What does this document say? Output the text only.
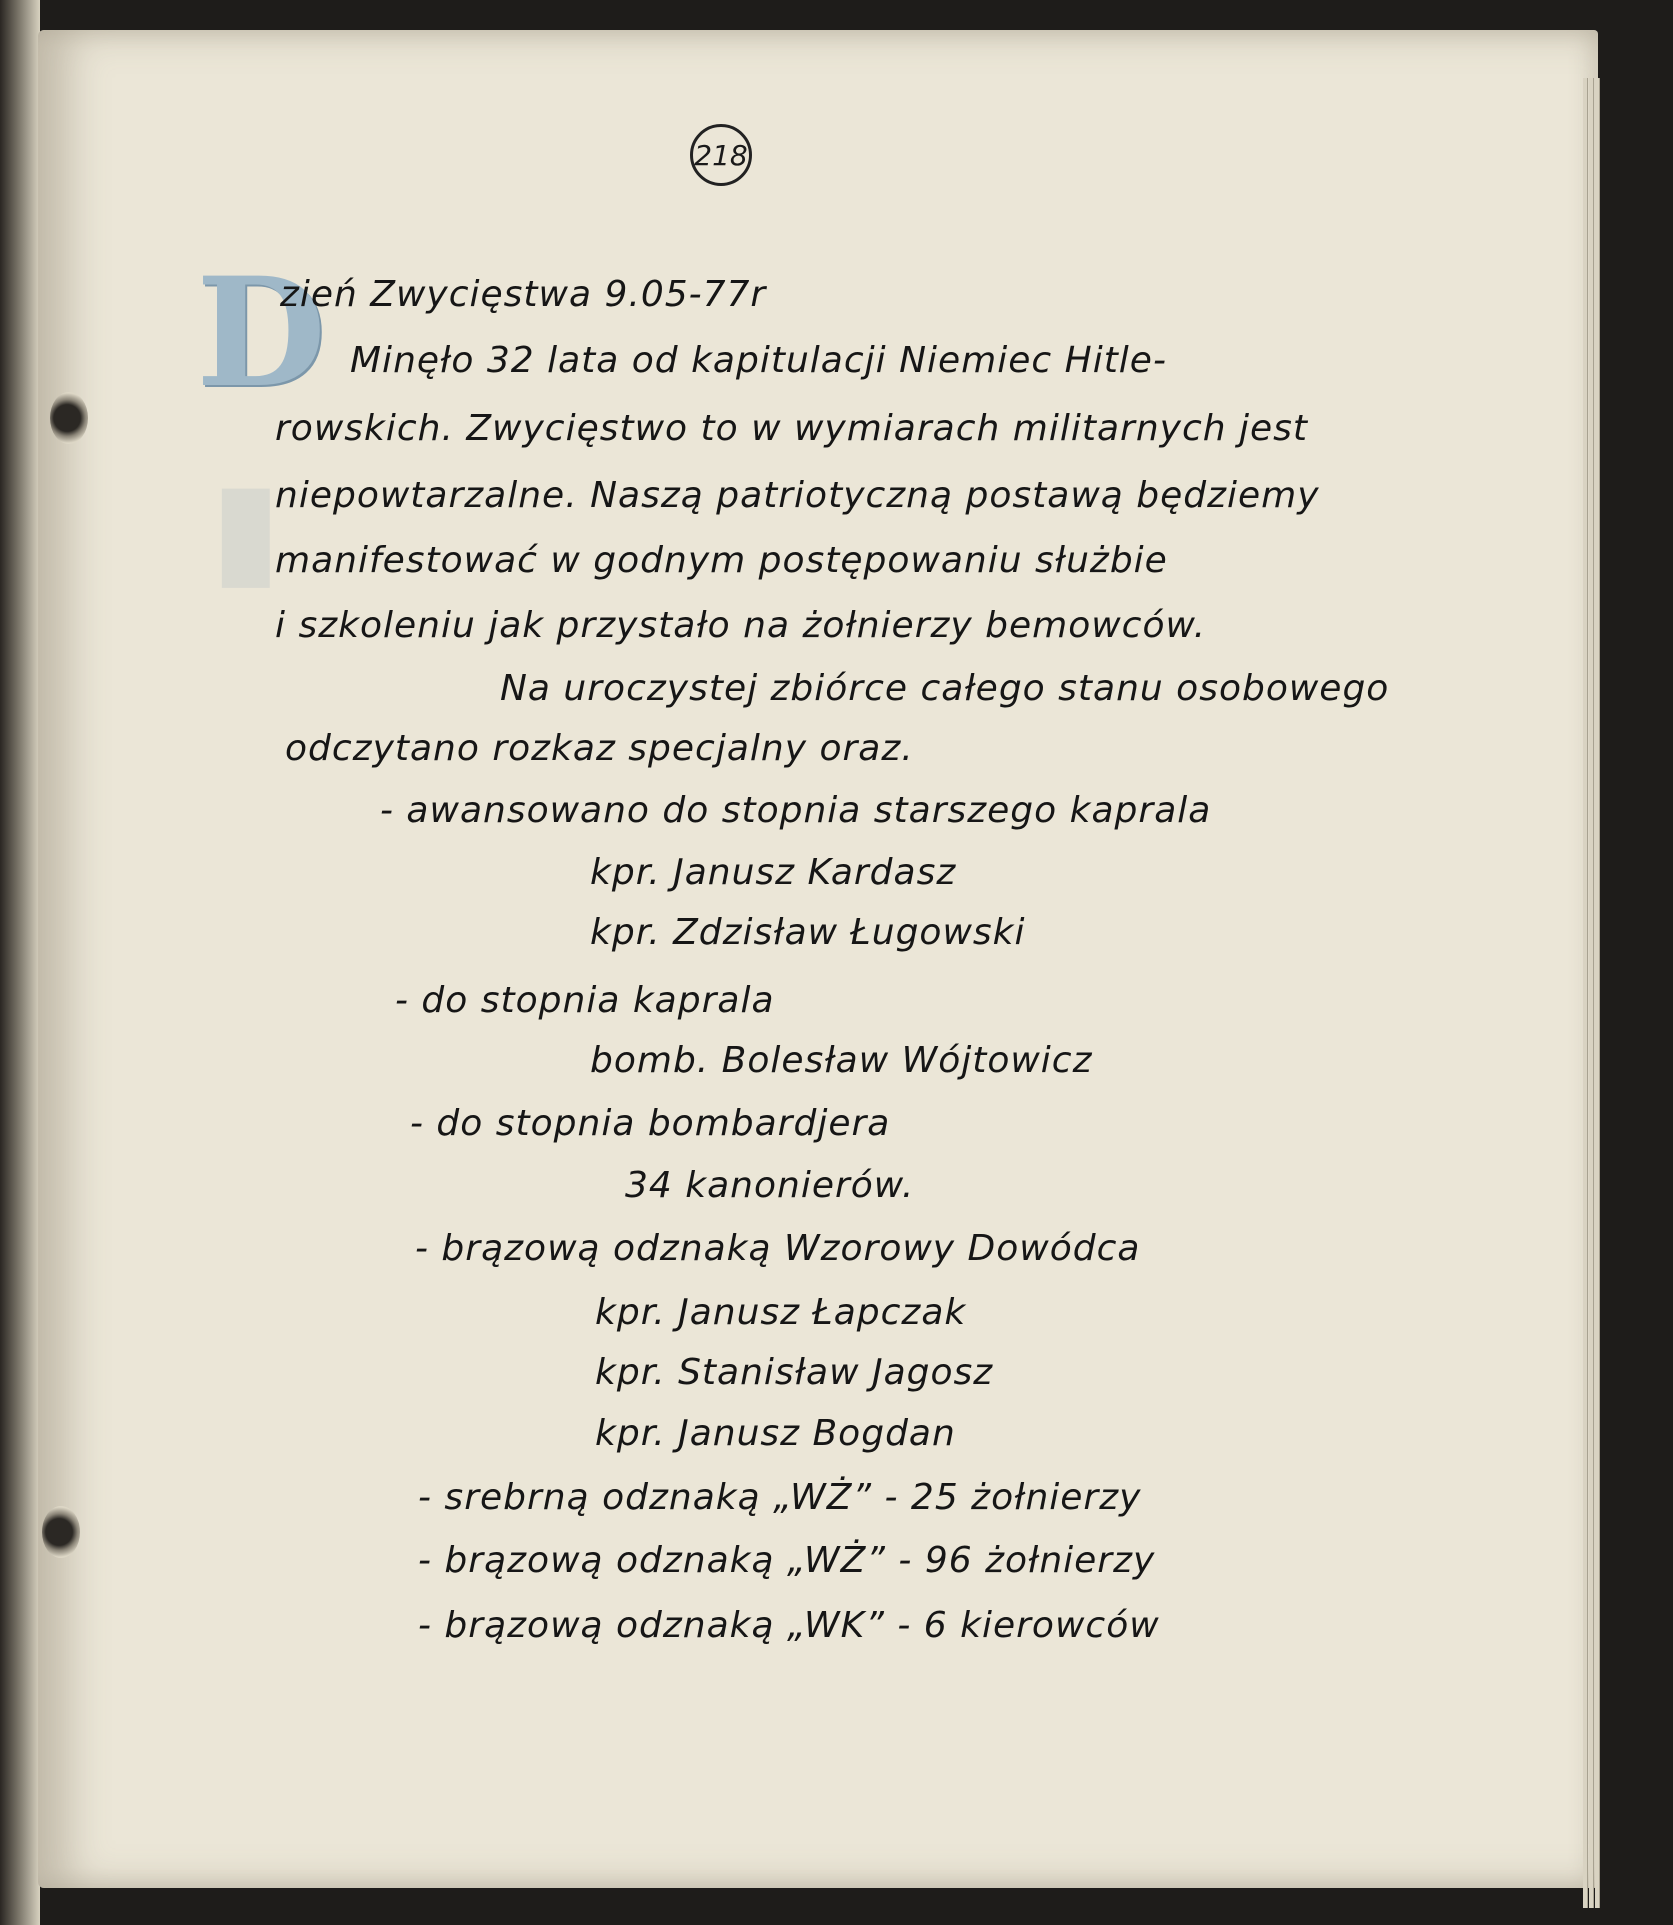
218
▮
D
zień Zwycięstwa 9.05-77r
Minęło 32 lata od kapitulacji Niemiec Hitle-
rowskich. Zwycięstwo to w wymiarach militarnych jest
niepowtarzalne. Naszą patriotyczną postawą będziemy
manifestować w godnym postępowaniu służbie
i szkoleniu jak przystało na żołnierzy bemowców.
Na uroczystej zbiórce całego stanu osobowego
odczytano rozkaz specjalny oraz.
- awansowano do stopnia starszego kaprala
kpr. Janusz Kardasz
kpr. Zdzisław Ługowski
- do stopnia kaprala
bomb. Bolesław Wójtowicz
- do stopnia bombardjera
34 kanonierów.
- brązową odznaką Wzorowy Dowódca
kpr. Janusz Łapczak
kpr. Stanisław Jagosz
kpr. Janusz Bogdan
- srebrną odznaką „WŻ” - 25 żołnierzy
- brązową odznaką „WŻ” - 96 żołnierzy
- brązową odznaką „WK” - 6 kierowców
